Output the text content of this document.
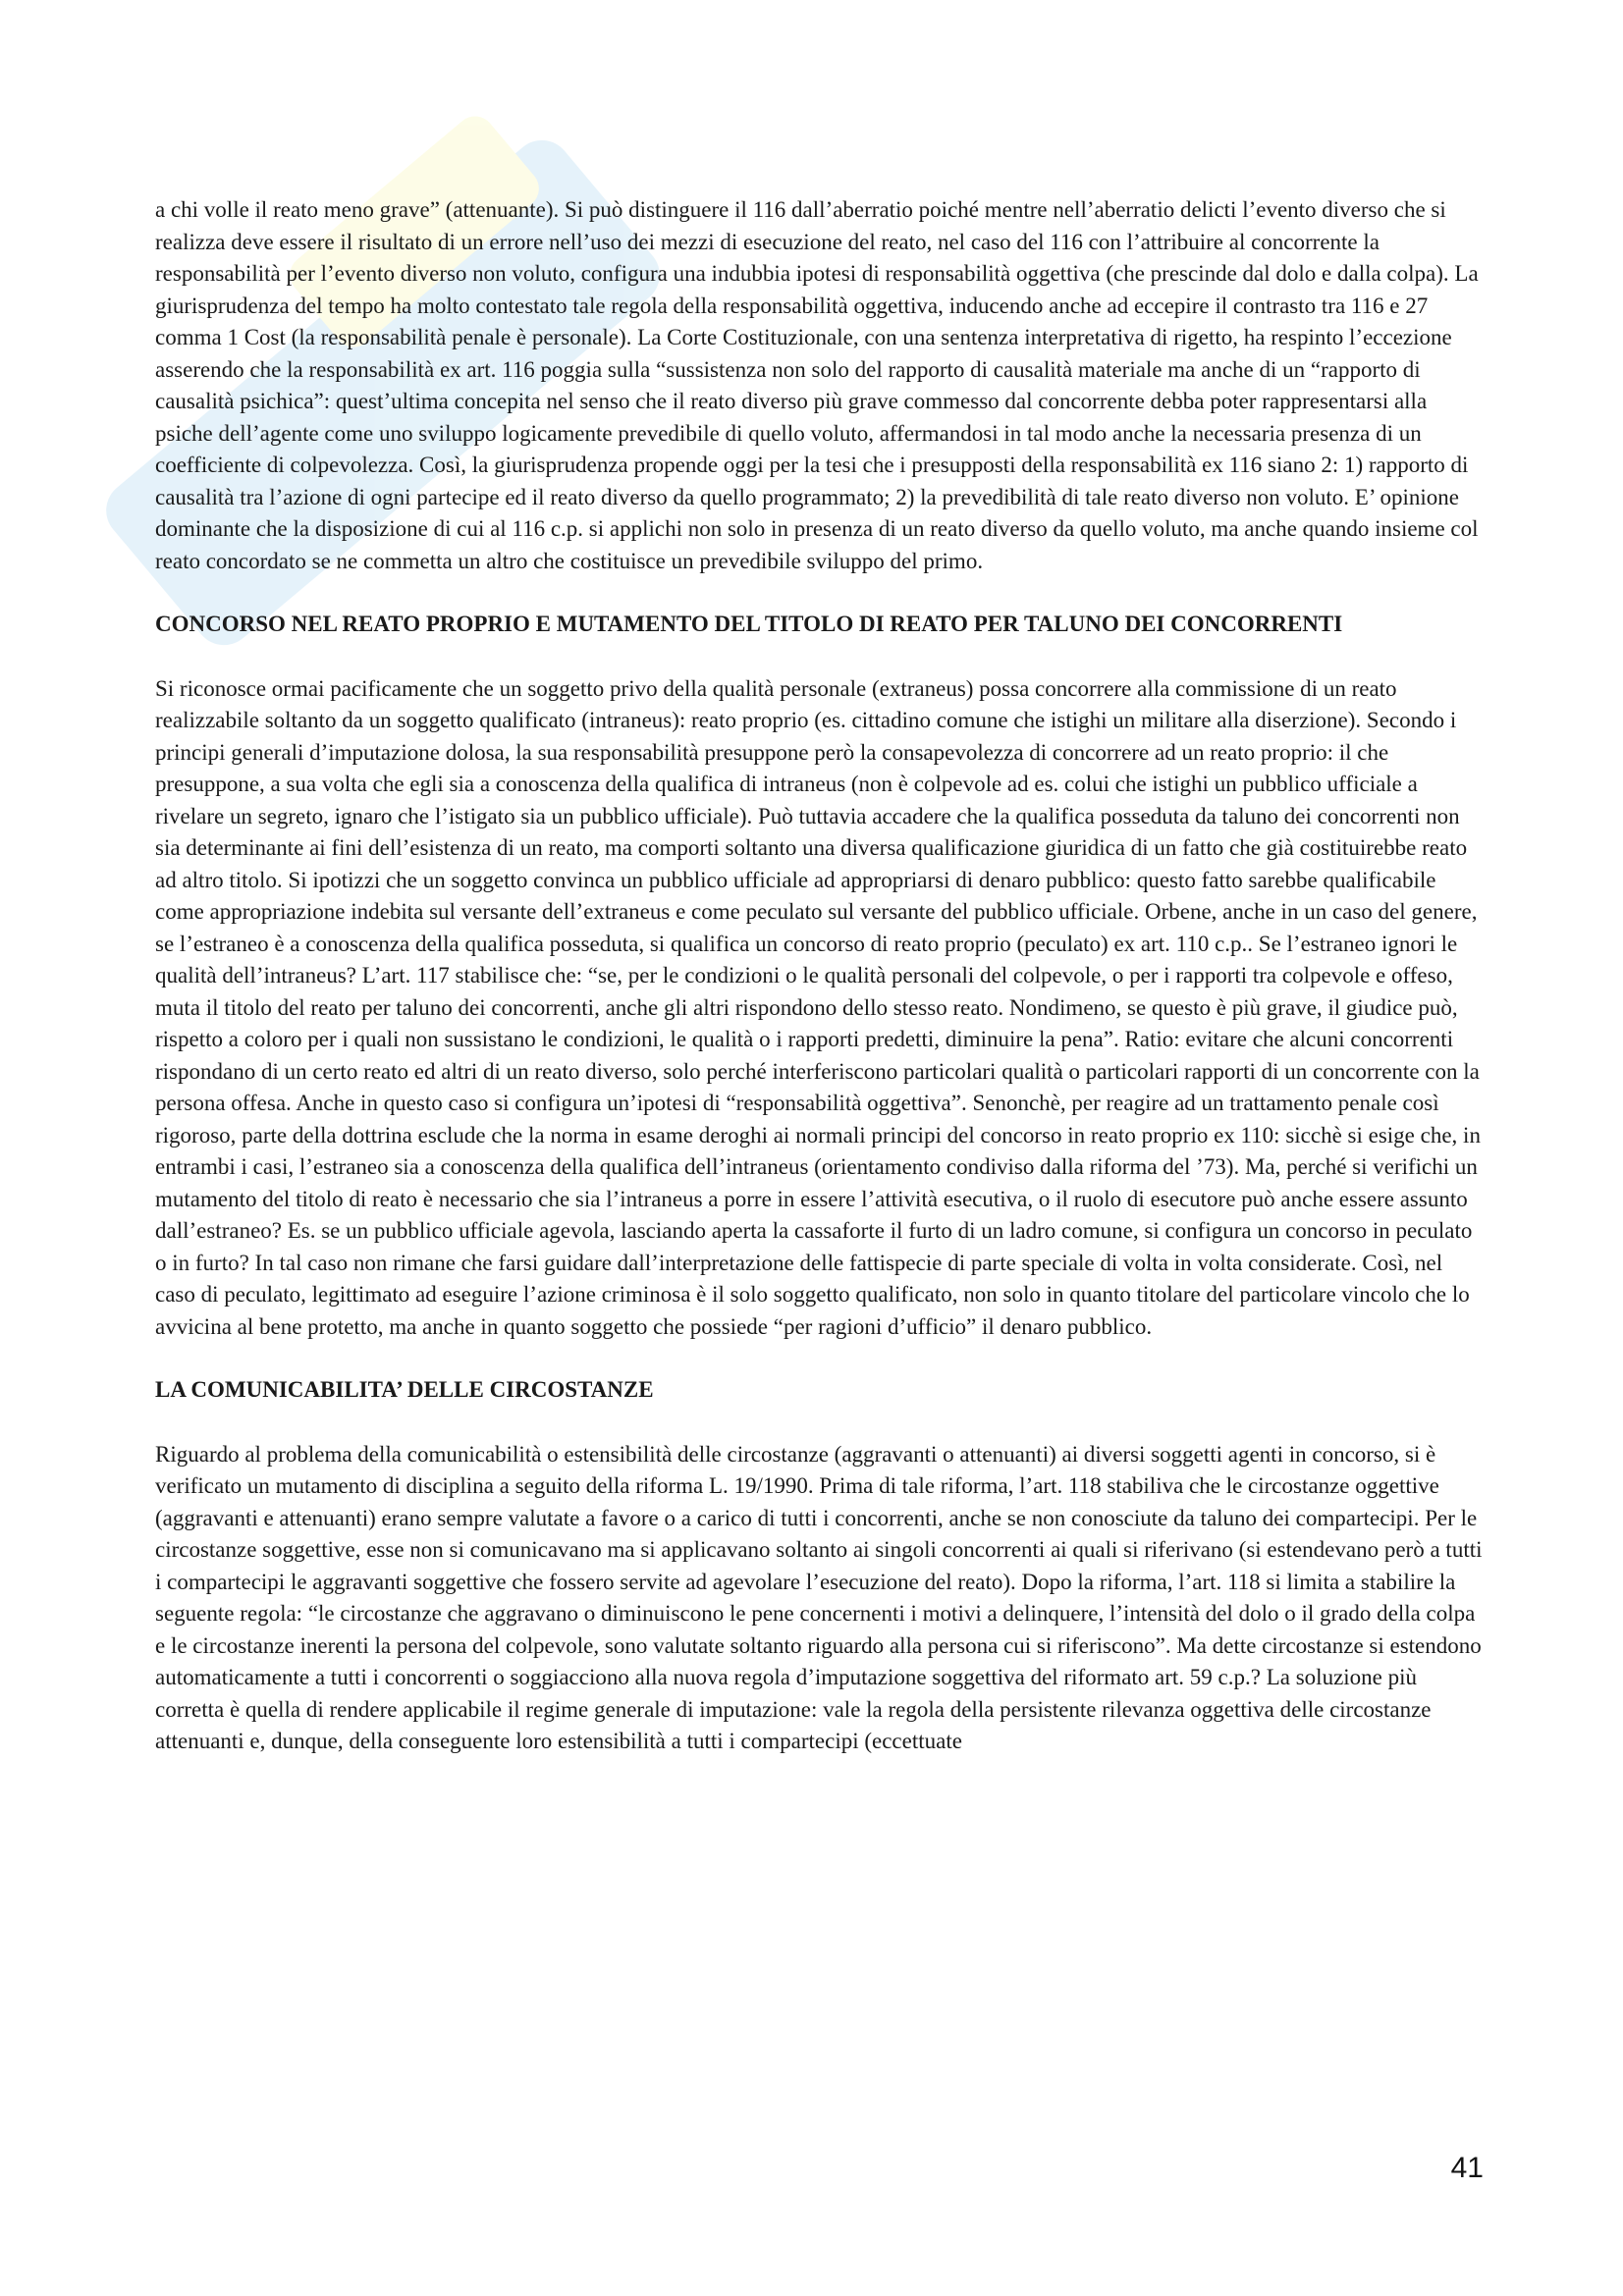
a chi volle il reato meno grave” (attenuante). Si può distinguere il 116 dall’aberratio poiché mentre nell’aberratio delicti l’evento diverso che si realizza deve essere il risultato di un errore nell’uso dei mezzi di esecuzione del reato, nel caso del 116 con l’attribuire al concorrente la responsabilità per l’evento diverso non voluto, configura una indubbia ipotesi di responsabilità oggettiva (che prescinde dal dolo e dalla colpa). La giurisprudenza del tempo ha molto contestato tale regola della responsabilità oggettiva, inducendo anche ad eccepire il contrasto tra 116 e 27 comma 1 Cost (la responsabilità penale è personale). La Corte Costituzionale, con una sentenza interpretativa di rigetto, ha respinto l’eccezione asserendo che la responsabilità ex art. 116 poggia sulla “sussistenza non solo del rapporto di causalità materiale ma anche di un “rapporto di causalità psichica”: quest’ultima concepita nel senso che il reato diverso più grave commesso dal concorrente debba poter rappresentarsi alla psiche dell’agente come uno sviluppo logicamente prevedibile di quello voluto, affermandosi in tal modo anche la necessaria presenza di un coefficiente di colpevolezza. Così, la giurisprudenza propende oggi per la tesi che i presupposti della responsabilità ex 116 siano 2: 1) rapporto di causalità tra l’azione di ogni partecipe ed il reato diverso da quello programmato; 2) la prevedibilità di tale reato diverso non voluto. E’ opinione dominante che la disposizione di cui al 116 c.p. si applichi non solo in presenza di un reato diverso da quello voluto, ma anche quando insieme col reato concordato se ne commetta un altro che costituisce un prevedibile sviluppo del primo.

CONCORSO NEL REATO PROPRIO E MUTAMENTO DEL TITOLO DI REATO PER TALUNO DEI CONCORRENTI

Si riconosce ormai pacificamente che un soggetto privo della qualità personale (extraneus) possa concorrere alla commissione di un reato realizzabile soltanto da un soggetto qualificato (intraneus): reato proprio (es. cittadino comune che istighi un militare alla diserzione). Secondo i principi generali d’imputazione dolosa, la sua responsabilità presuppone però la consapevolezza di concorrere ad un reato proprio: il che presuppone, a sua volta che egli sia a conoscenza della qualifica di intraneus (non è colpevole ad es. colui che istighi un pubblico ufficiale a rivelare un segreto, ignaro che l’istigato sia un pubblico ufficiale). Può tuttavia accadere che la qualifica posseduta da taluno dei concorrenti non sia determinante ai fini dell’esistenza di un reato, ma comporti soltanto una diversa qualificazione giuridica di un fatto che già costituirebbe reato ad altro titolo. Si ipotizzi che un soggetto convinca un pubblico ufficiale ad appropriarsi di denaro pubblico: questo fatto sarebbe qualificabile come appropriazione indebita sul versante dell’extraneus e come peculato sul versante del pubblico ufficiale. Orbene, anche in un caso del genere, se l’estraneo è a conoscenza della qualifica posseduta, si qualifica un concorso di reato proprio (peculato) ex art. 110 c.p.. Se l’estraneo ignori le qualità dell’intraneus? L’art. 117 stabilisce che: “se, per le condizioni o le qualità personali del colpevole, o per i rapporti tra colpevole e offeso, muta il titolo del reato per taluno dei concorrenti, anche gli altri rispondono dello stesso reato. Nondimeno, se questo è più grave, il giudice può, rispetto a coloro per i quali non sussistano le condizioni, le qualità o i rapporti predetti, diminuire la pena”. Ratio: evitare che alcuni concorrenti rispondano di un certo reato ed altri di un reato diverso, solo perché interferiscono particolari qualità o particolari rapporti di un concorrente con la persona offesa. Anche in questo caso si configura un’ipotesi di “responsabilità oggettiva”. Senonchè, per reagire ad un trattamento penale così rigoroso, parte della dottrina esclude che la norma in esame deroghi ai normali principi del concorso in reato proprio ex 110: sicchè si esige che, in entrambi i casi, l’estraneo sia a conoscenza della qualifica dell’intraneus (orientamento condiviso dalla riforma del ’73). Ma, perché si verifichi un mutamento del titolo di reato è necessario che sia l’intraneus a porre in essere l’attività esecutiva, o il ruolo di esecutore può anche essere assunto dall’estraneo? Es. se un pubblico ufficiale agevola, lasciando aperta la cassaforte il furto di un ladro comune, si configura un concorso in peculato o in furto? In tal caso non rimane che farsi guidare dall’interpretazione delle fattispecie di parte speciale di volta in volta considerate. Così, nel caso di peculato, legittimato ad eseguire l’azione criminosa è il solo soggetto qualificato, non solo in quanto titolare del particolare vincolo che lo avvicina al bene protetto, ma anche in quanto soggetto che possiede “per ragioni d’ufficio” il denaro pubblico.

LA COMUNICABILITA’ DELLE CIRCOSTANZE

Riguardo al problema della comunicabilità o estensibilità delle circostanze (aggravanti o attenuanti) ai diversi soggetti agenti in concorso, si è verificato un mutamento di disciplina a seguito della riforma L. 19/1990. Prima di tale riforma, l’art. 118 stabiliva che le circostanze oggettive (aggravanti e attenuanti) erano sempre valutate a favore o a carico di tutti i concorrenti, anche se non conosciute da taluno dei compartecipi. Per le circostanze soggettive, esse non si comunicavano ma si applicavano soltanto ai singoli concorrenti ai quali si riferivano (si estendevano però a tutti i compartecipi le aggravanti soggettive che fossero servite ad agevolare l’esecuzione del reato). Dopo la riforma, l’art. 118 si limita a stabilire la seguente regola: “le circostanze che aggravano o diminuiscono le pene concernenti i motivi a delinquere, l’intensità del dolo o il grado della colpa e le circostanze inerenti la persona del colpevole, sono valutate soltanto riguardo alla persona cui si riferiscono”. Ma dette circostanze si estendono automaticamente a tutti i concorrenti o soggiacciono alla nuova regola d’imputazione soggettiva del riformato art. 59 c.p.? La soluzione più corretta è quella di rendere applicabile il regime generale di imputazione: vale la regola della persistente rilevanza oggettiva delle circostanze attenuanti e, dunque, della conseguente loro estensibilità a tutti i compartecipi (eccettuate

41
